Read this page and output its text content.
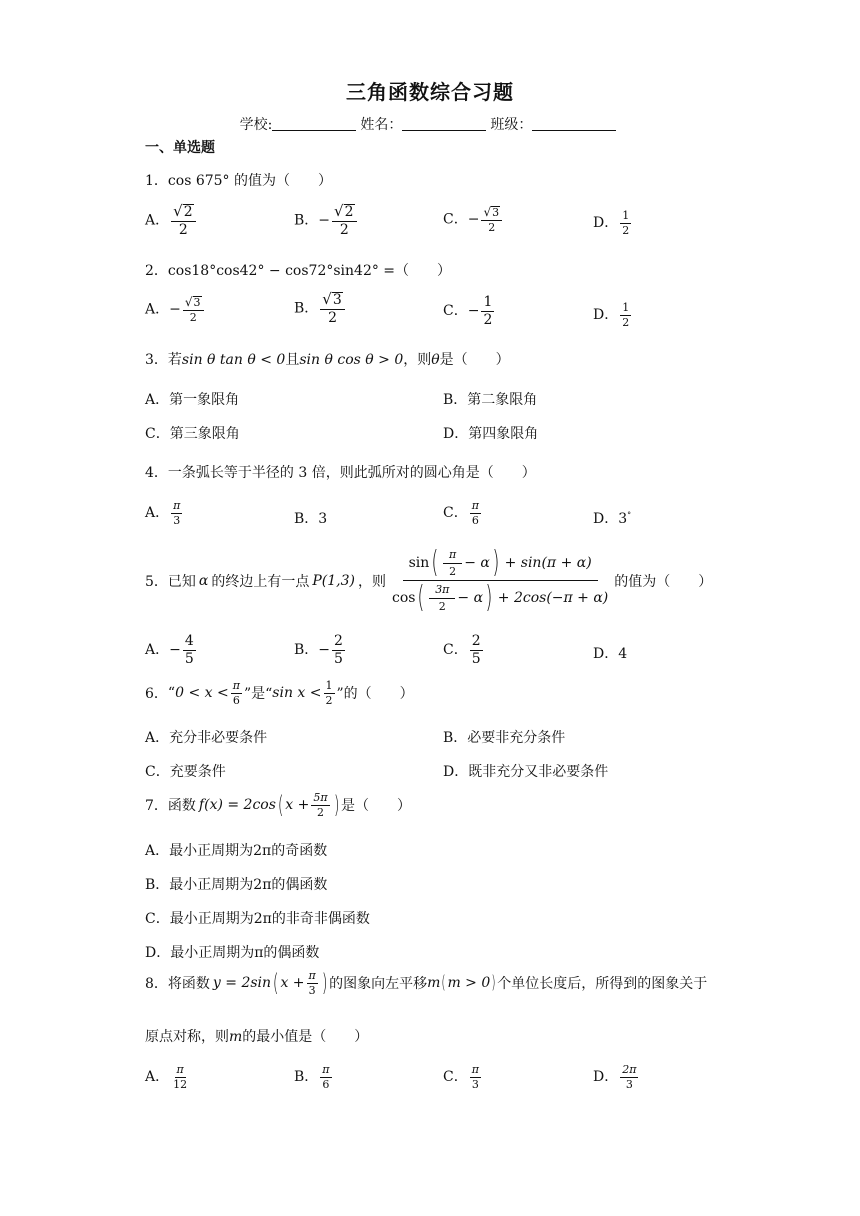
三角函数综合习题
学校:	姓名：	班级：
一、单选题
1．cos 675° 的值为（　　）
A． $\frac{√ 2}{2}$	B．− $\frac{√ 2}{2}$	C．− $\frac{√ 3}{2}$	D． $\frac{1}{2}$
2．cos18°cos42° − cos72°sin42° =（　　）
A．− $\frac{√ 3}{2}$	B． $\frac{√ 3}{2}$	C．− $\frac{1}{2}$	D． $\frac{1}{2}$
3．若sin θ tan θ < 0且sin θ cos θ > 0，则θ是（　　）
A．第一象限角	B．第二象限角
C．第三象限角	D．第四象限角
4．一条弧长等于半径的 3 倍，则此弧所对的圆心角是（　　）
A． $\frac{\pi}{3}$	B．3	C． $\frac{\pi}{6}$	D．3°
5． 已知 α 的终边上有一点 P(1,3) ，则 $\frac{\sin ( \frac{\pi}{2} - \alpha ) + \sin(\pi + \alpha)}{\cos ( \frac{3\pi}{2} - \alpha ) + 2\cos(-\pi + \alpha)}$ 的值为（　　）
A．− $\frac{4}{5}$	B．− $\frac{2}{5}$	C． $\frac{2}{5}$	D．4
6． “ $0 < x < \frac{\pi}{6}$ ”是“ $\sin x < \frac{1}{2}$ ”的（　　）
A．充分非必要条件	B．必要非充分条件
C．充要条件	D．既非充分又非必要条件
7． 函数 f(x) = 2cos ( $x + \frac{5\pi}{2}$ ) 是（　　）
A．最小正周期为2π的奇函数
B．最小正周期为2π的偶函数
C．最小正周期为2π的非奇非偶函数
D．最小正周期为π的偶函数
8． 将函数 y = 2sin ( $x + \frac{\pi}{3}$ ) 的图象向左平移 m ( m > 0 ) 个单位长度后，所得到的图象关于
原点对称，则m的最小值是（　　）
A． $\frac{\pi}{12}$	B． $\frac{\pi}{6}$	C． $\frac{\pi}{3}$	D． $\frac{2\pi}{3}$
